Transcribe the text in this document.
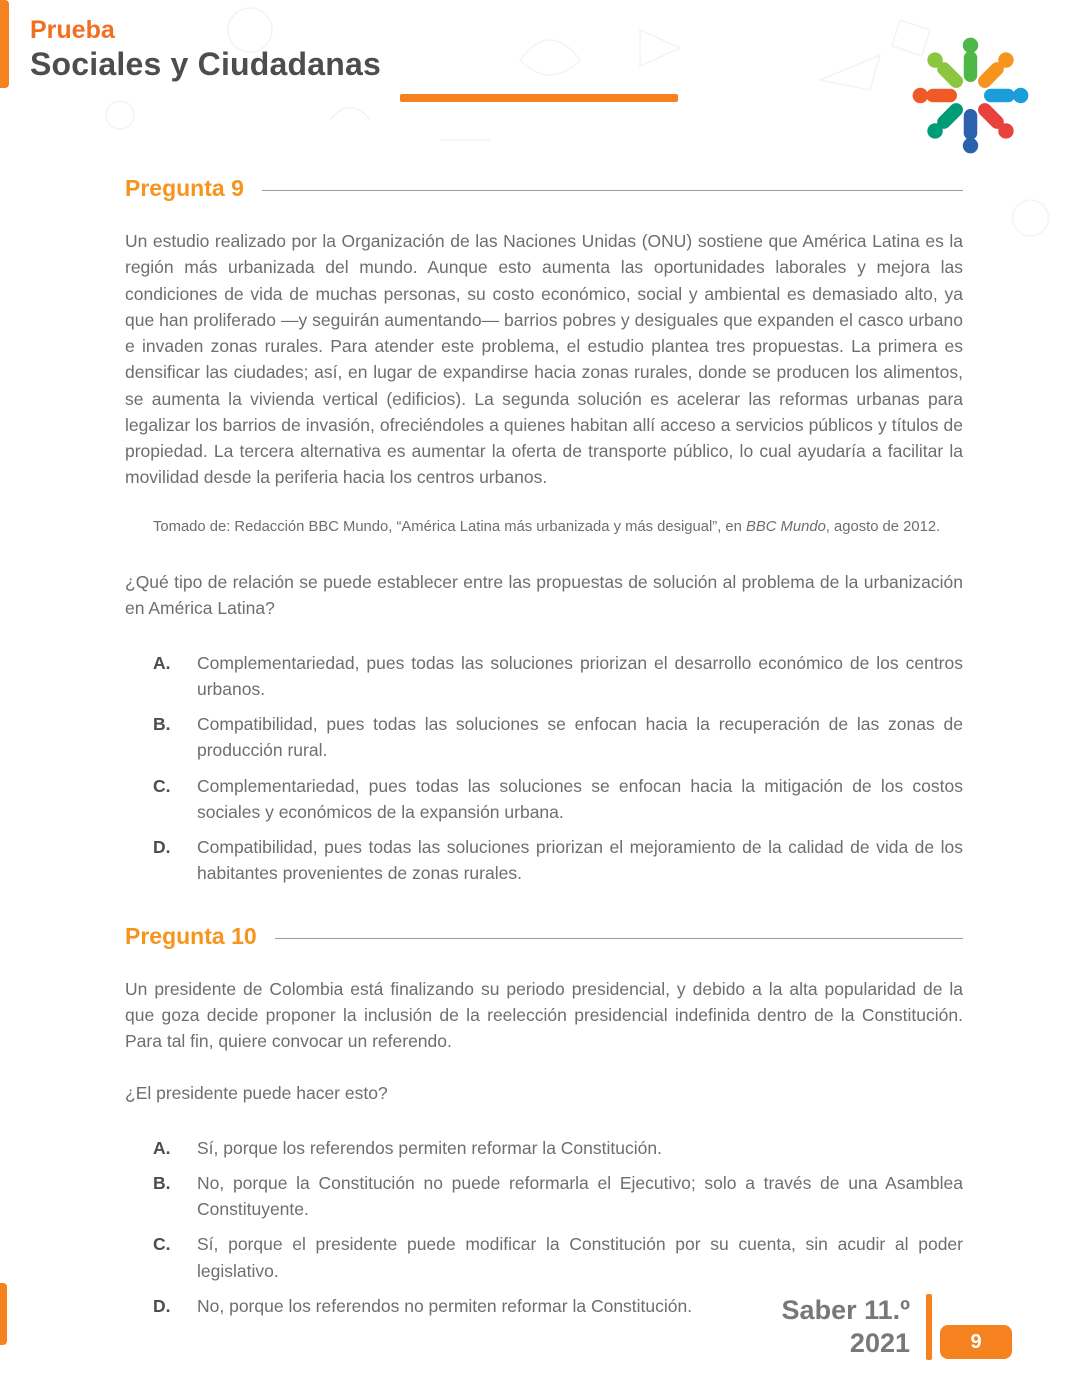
Prueba
Sociales y Ciudadanas
Pregunta 9

Un estudio realizado por la Organización de las Naciones Unidas (ONU) sostiene que América Latina es la región más urbanizada del mundo. Aunque esto aumenta las oportunidades laborales y mejora las condiciones de vida de muchas personas, su costo económico, social y ambiental es demasiado alto, ya que han proliferado —y seguirán aumentando— barrios pobres y desiguales que expanden el casco urbano e invaden zonas rurales. Para atender este problema, el estudio plantea tres propuestas. La primera es densificar las ciudades; así, en lugar de expandirse hacia zonas rurales, donde se producen los alimentos, se aumenta la vivienda vertical (edificios). La segunda solución es acelerar las reformas urbanas para legalizar los barrios de invasión, ofreciéndoles a quienes habitan allí acceso a servicios públicos y títulos de propiedad. La tercera alternativa es aumentar la oferta de transporte público, lo cual ayudaría a facilitar la movilidad desde la periferia hacia los centros urbanos.

Tomado de: Redacción BBC Mundo, “América Latina más urbanizada y más desigual”, en BBC Mundo, agosto de 2012.

¿Qué tipo de relación se puede establecer entre las propuestas de solución al problema de la urbanización en América Latina?

A.	Complementariedad, pues todas las soluciones priorizan el desarrollo económico de los centros urbanos.
B.	Compatibilidad, pues todas las soluciones se enfocan hacia la recuperación de las zonas de producción rural.
C.	Complementariedad, pues todas las soluciones se enfocan hacia la mitigación de los costos sociales y económicos de la expansión urbana.
D.	Compatibilidad, pues todas las soluciones priorizan el mejoramiento de la calidad de vida de los habitantes provenientes de zonas rurales.
Pregunta 10

Un presidente de Colombia está finalizando su periodo presidencial, y debido a la alta popularidad de la que goza decide proponer la inclusión de la reelección presidencial indefinida dentro de la Constitución. Para tal fin, quiere convocar un referendo.

¿El presidente puede hacer esto?

A.	Sí, porque los referendos permiten reformar la Constitución.
B.	No, porque la Constitución no puede reformarla el Ejecutivo; solo a través de una Asamblea Constituyente.
C.	Sí, porque el presidente puede modificar la Constitución por su cuenta, sin acudir al poder legislativo.
D.	No, porque los referendos no permiten reformar la Constitución.	Saber 11.º
2021	9
